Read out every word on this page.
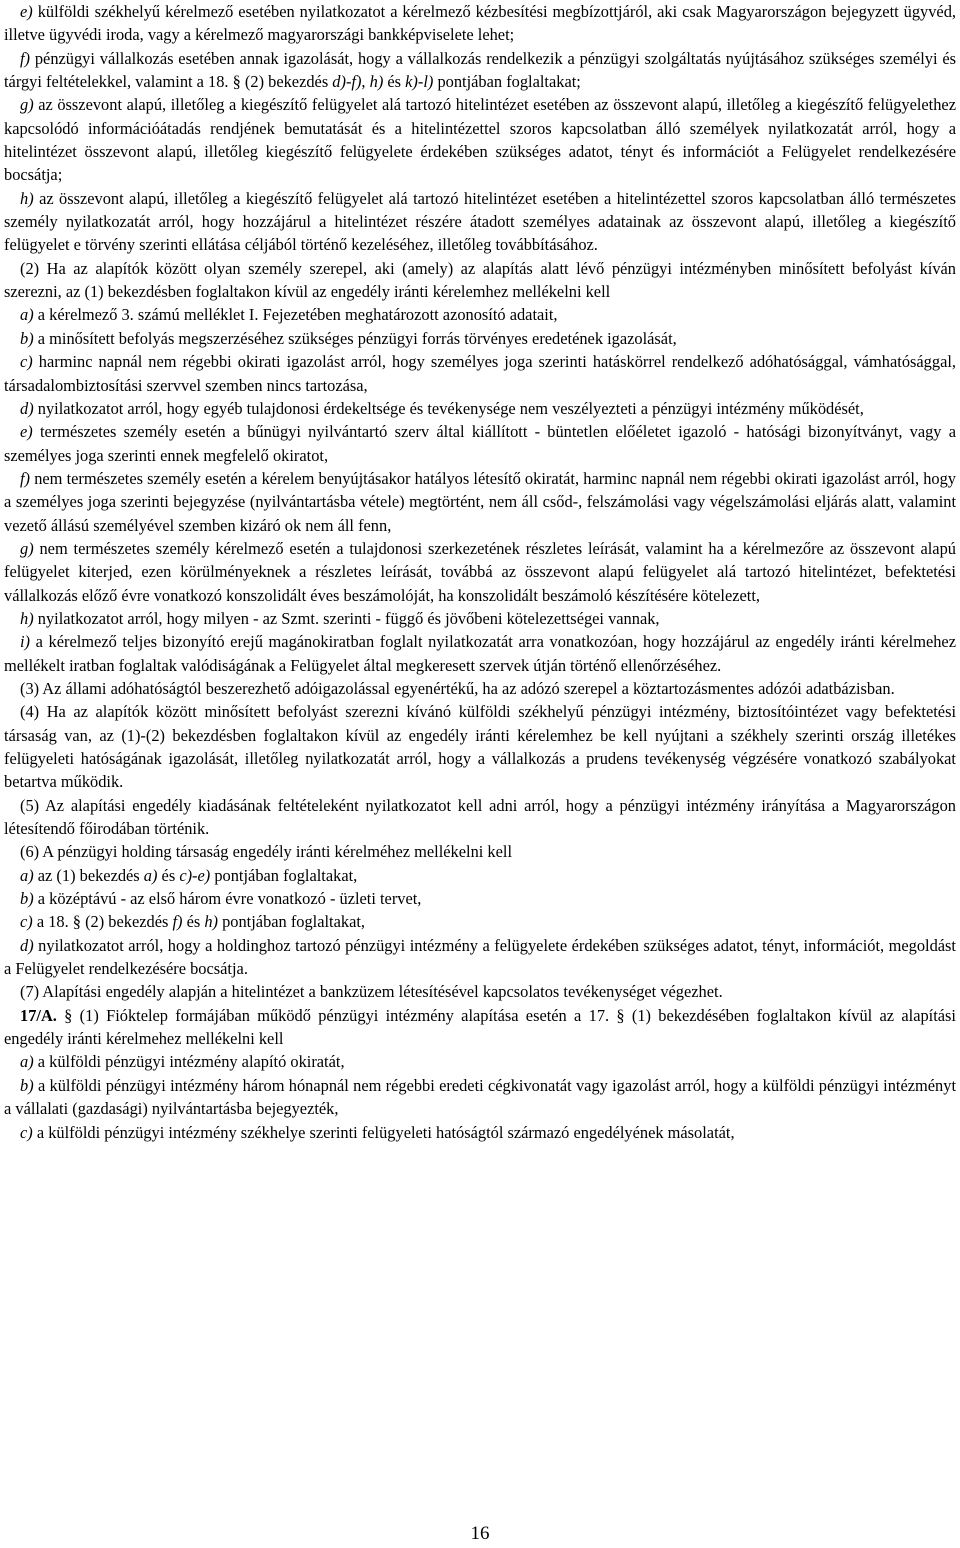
e) külföldi székhelyű kérelmező esetében nyilatkozatot a kérelmező kézbesítési megbízottjáról, aki csak Magyarországon bejegyzett ügyvéd, illetve ügyvédi iroda, vagy a kérelmező magyarországi bankképviselete lehet;

f) pénzügyi vállalkozás esetében annak igazolását, hogy a vállalkozás rendelkezik a pénzügyi szolgáltatás nyújtásához szükséges személyi és tárgyi feltételekkel, valamint a 18. § (2) bekezdés d)-f), h) és k)-l) pontjában foglaltakat;

g) az összevont alapú, illetőleg a kiegészítő felügyelet alá tartozó hitelintézet esetében az összevont alapú, illetőleg a kiegészítő felügyelethez kapcsolódó információátadás rendjének bemutatását és a hitelintézettel szoros kapcsolatban álló személyek nyilatkozatát arról, hogy a hitelintézet összevont alapú, illetőleg kiegészítő felügyelete érdekében szükséges adatot, tényt és információt a Felügyelet rendelkezésére bocsátja;

h) az összevont alapú, illetőleg a kiegészítő felügyelet alá tartozó hitelintézet esetében a hitelintézettel szoros kapcsolatban álló természetes személy nyilatkozatát arról, hogy hozzájárul a hitelintézet részére átadott személyes adatainak az összevont alapú, illetőleg a kiegészítő felügyelet e törvény szerinti ellátása céljából történő kezeléséhez, illetőleg továbbításához.

(2) Ha az alapítók között olyan személy szerepel, aki (amely) az alapítás alatt lévő pénzügyi intézményben minősített befolyást kíván szerezni, az (1) bekezdésben foglaltakon kívül az engedély iránti kérelemhez mellékelni kell

a) a kérelmező 3. számú melléklet I. Fejezetében meghatározott azonosító adatait,

b) a minősített befolyás megszerzéséhez szükséges pénzügyi forrás törvényes eredetének igazolását,

c) harminc napnál nem régebbi okirati igazolást arról, hogy személyes joga szerinti hatáskörrel rendelkező adóhatósággal, vámhatósággal, társadalombiztosítási szervvel szemben nincs tartozása,

d) nyilatkozatot arról, hogy egyéb tulajdonosi érdekeltsége és tevékenysége nem veszélyezteti a pénzügyi intézmény működését,

e) természetes személy esetén a bűnügyi nyilvántartó szerv által kiállított - büntetlen előéletet igazoló - hatósági bizonyítványt, vagy a személyes joga szerinti ennek megfelelő okiratot,

f) nem természetes személy esetén a kérelem benyújtásakor hatályos létesítő okiratát, harminc napnál nem régebbi okirati igazolást arról, hogy a személyes joga szerinti bejegyzése (nyilvántartásba vétele) megtörtént, nem áll csőd-, felszámolási vagy végelszámolási eljárás alatt, valamint vezető állású személyével szemben kizáró ok nem áll fenn,

g) nem természetes személy kérelmező esetén a tulajdonosi szerkezetének részletes leírását, valamint ha a kérelmezőre az összevont alapú felügyelet kiterjed, ezen körülményeknek a részletes leírását, továbbá az összevont alapú felügyelet alá tartozó hitelintézet, befektetési vállalkozás előző évre vonatkozó konszolidált éves beszámolóját, ha konszolidált beszámoló készítésére kötelezett,

h) nyilatkozatot arról, hogy milyen - az Szmt. szerinti - függő és jövőbeni kötelezettségei vannak,

i) a kérelmező teljes bizonyító erejű magánokiratban foglalt nyilatkozatát arra vonatkozóan, hogy hozzájárul az engedély iránti kérelmehez mellékelt iratban foglaltak valódiságának a Felügyelet által megkeresett szervek útján történő ellenőrzéséhez.

(3) Az állami adóhatóságtól beszerezhető adóigazolással egyenértékű, ha az adózó szerepel a köztartozásmentes adózói adatbázisban.

(4) Ha az alapítók között minősített befolyást szerezni kívánó külföldi székhelyű pénzügyi intézmény, biztosítóintézet vagy befektetési társaság van, az (1)-(2) bekezdésben foglaltakon kívül az engedély iránti kérelemhez be kell nyújtani a székhely szerinti ország illetékes felügyeleti hatóságának igazolását, illetőleg nyilatkozatát arról, hogy a vállalkozás a prudens tevékenység végzésére vonatkozó szabályokat betartva működik.

(5) Az alapítási engedély kiadásának feltételeként nyilatkozatot kell adni arról, hogy a pénzügyi intézmény irányítása a Magyarországon létesítendő főirodában történik.

(6) A pénzügyi holding társaság engedély iránti kérelméhez mellékelni kell

a) az (1) bekezdés a) és c)-e) pontjában foglaltakat,

b) a középtávú - az első három évre vonatkozó - üzleti tervet,

c) a 18. § (2) bekezdés f) és h) pontjában foglaltakat,

d) nyilatkozatot arról, hogy a holdinghoz tartozó pénzügyi intézmény a felügyelete érdekében szükséges adatot, tényt, információt, megoldást a Felügyelet rendelkezésére bocsátja.

(7) Alapítási engedély alapján a hitelintézet a bankzüzem létesítésével kapcsolatos tevékenységet végezhet.

17/A. § (1) Fióktelep formájában működő pénzügyi intézmény alapítása esetén a 17. § (1) bekezdésében foglaltakon kívül az alapítási engedély iránti kérelmehez mellékelni kell

a) a külföldi pénzügyi intézmény alapító okiratát,

b) a külföldi pénzügyi intézmény három hónapnál nem régebbi eredeti cégkivonatát vagy igazolást arról, hogy a külföldi pénzügyi intézményt a vállalati (gazdasági) nyilvántartásba bejegyezték,

c) a külföldi pénzügyi intézmény székhelye szerinti felügyeleti hatóságtól származó engedélyének másolatát,

16
